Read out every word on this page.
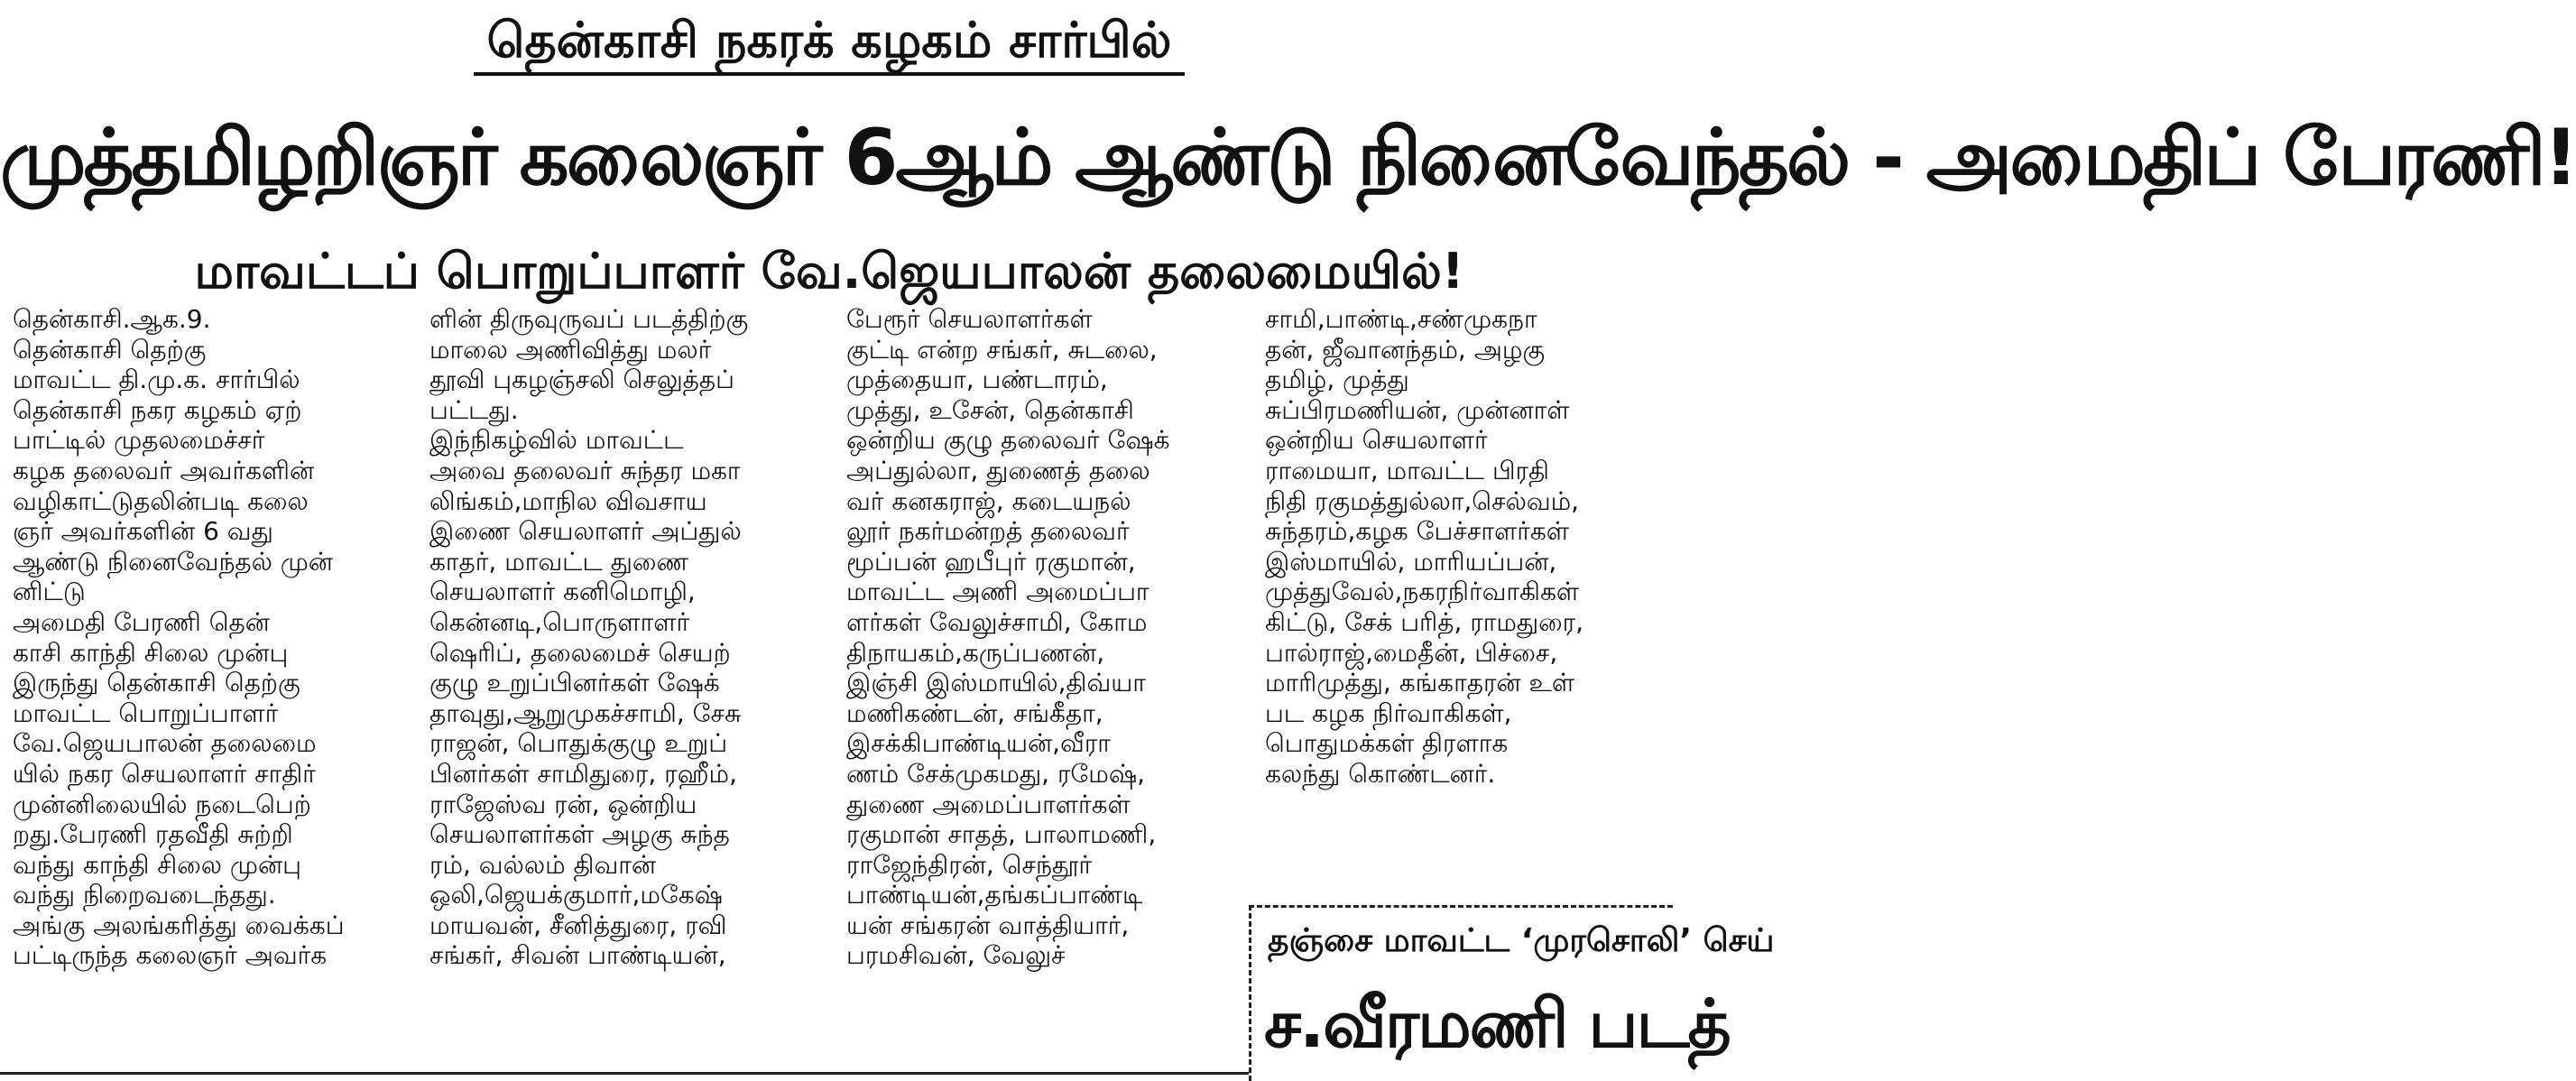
தென்காசி நகரக் கழகம் சார்பில்
முத்தமிழறிஞர் கலைஞர் 6ஆம் ஆண்டு நினைவேந்தல் - அமைதிப் பேரணி!
மாவட்டப் பொறுப்பாளர் வே.ஜெயபாலன் தலைமையில்!
தென்காசி.ஆக.9.
தென்காசி தெற்கு
மாவட்ட தி.மு.க. சார்பில்
தென்காசி நகர கழகம் ஏற்
பாட்டில் முதலமைச்சர்
கழக தலைவர் அவர்களின்
வழிகாட்டுதலின்படி கலை
ஞர் அவர்களின் 6 வது
ஆண்டு நினைவேந்தல் முன்
னிட்டு
அமைதி பேரணி தென்
காசி காந்தி சிலை முன்பு
இருந்து தென்காசி தெற்கு
மாவட்ட பொறுப்பாளர்
வே.ஜெயபாலன் தலைமை
யில் நகர செயலாளர் சாதிர்
முன்னிலையில் நடைபெற்
றது.பேரணி ரதவீதி சுற்றி
வந்து காந்தி சிலை முன்பு
வந்து நிறைவடைந்தது.
அங்கு அலங்கரித்து வைக்கப்
பட்டிருந்த கலைஞர் அவர்க
ளின் திருவுருவப் படத்திற்கு
மாலை அணிவித்து மலர்
தூவி புகழஞ்சலி செலுத்தப்
பட்டது.
இந்நிகழ்வில் மாவட்ட
அவை தலைவர் சுந்தர மகா
லிங்கம்,மாநில விவசாய
இணை செயலாளர் அப்துல்
காதர், மாவட்ட துணை
செயலாளர் கனிமொழி,
கென்னடி,பொருளாளர்
ஷெரிப், தலைமைச் செயற்
குழு உறுப்பினர்கள் ஷேக்
தாவுது,ஆறுமுகச்சாமி, சேசு
ராஜன், பொதுக்குழு உறுப்
பினர்கள் சாமிதுரை, ரஹீம்,
ராஜேஸ்வ ரன், ஒன்றிய
செயலாளர்கள் அழகு சுந்த
ரம், வல்லம் திவான்
ஒலி,ஜெயக்குமார்,மகேஷ்
மாயவன், சீனித்துரை, ரவி
சங்கர், சிவன் பாண்டியன்,
பேரூர் செயலாளர்கள்
குட்டி என்ற சங்கர், சுடலை,
முத்தையா, பண்டாரம்,
முத்து, உசேன், தென்காசி
ஒன்றிய குழு தலைவர் ஷேக்
அப்துல்லா, துணைத் தலை
வர் கனகராஜ், கடையநல்
லூர் நகர்மன்றத் தலைவர்
மூப்பன் ஹபீபுர் ரகுமான்,
மாவட்ட அணி அமைப்பா
ளர்கள் வேலுச்சாமி, கோம
திநாயகம்,கருப்பணன்,
இஞ்சி இஸ்மாயில்,திவ்யா
மணிகண்டன், சங்கீதா,
இசக்கிபாண்டியன்,வீரா
ணம் சேக்முகமது, ரமேஷ்,
துணை அமைப்பாளர்கள்
ரகுமான் சாதத், பாலாமணி,
ராஜேந்திரன், செந்தூர்
பாண்டியன்,தங்கப்பாண்டி
யன் சங்கரன் வாத்தியார்,
பரமசிவன், வேலுச்
சாமி,பாண்டி,சண்முகநா
தன், ஜீவானந்தம், அழகு
தமிழ், முத்து
சுப்பிரமணியன், முன்னாள்
ஒன்றிய செயலாளர்
ராமையா, மாவட்ட பிரதி
நிதி ரகுமத்துல்லா,செல்வம்,
சுந்தரம்,கழக பேச்சாளர்கள்
இஸ்மாயில், மாரியப்பன்,
முத்துவேல்,நகரநிர்வாகிகள்
கிட்டு, சேக் பரித், ராமதுரை,
பால்ராஜ்,மைதீன், பிச்சை,
மாரிமுத்து, கங்காதரன் உள்
பட கழக நிர்வாகிகள்,
பொதுமக்கள் திரளாக
கலந்து கொண்டனர்.
தஞ்சை மாவட்ட ‘முரசொலி’ செய்
ச.வீரமணி படத்
